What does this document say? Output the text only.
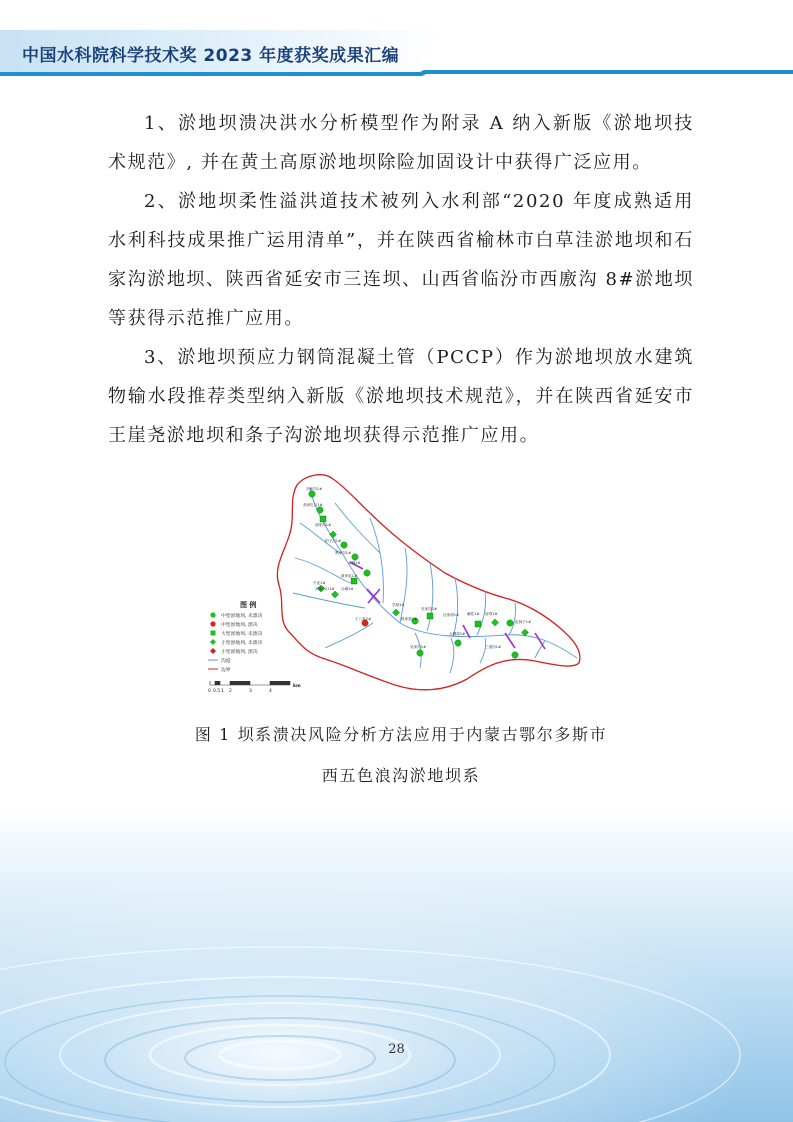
中国水科院科学技术奖 2023 年度获奖成果汇编

1、淤地坝溃决洪水分析模型作为附录 A 纳入新版《淤地坝技术规范》, 并在黄土高原淤地坝除险加固设计中获得广泛应用。

2、淤地坝柔性溢洪道技术被列入水利部“2020 年度成熟适用水利科技成果推广运用清单”，并在陕西省榆林市白草洼淤地坝和石家沟淤地坝、陕西省延安市三连坝、山西省临汾市西廒沟 8#淤地坝等获得示范推广应用。

3、淤地坝预应力钢筒混凝土管（PCCP）作为淤地坝放水建筑物输水段推荐类型纳入新版《淤地坝技术规范》，并在陕西省延安市王崖尧淤地坝和条子沟淤地坝获得示范推广应用。

刘家沟1#
高家圪旦1#
阎家沟1#
柏子沟1#
黑家沟1#
大湾1#
黄家渠1#
天花1#
刘家沟口1# 沙壕1#
学校1#
吴家沟2#
王八条2#	段家梁1#
沈家湾1# 碱性1# 前塔1#
大柳湾1#
吴家沟1#
乱林子1#
三道沟1#
图 例
中型淤地坝, 未溃决
中型淤地坝, 溃决
大型淤地坝, 未溃决
小型淤地坝, 未溃决
小型淤地坝, 溃决
沟道
边界
0 0.5 1 2	3	4
km
图 1 坝系溃决风险分析方法应用于内蒙古鄂尔多斯市
西五色浪沟淤地坝系
28
